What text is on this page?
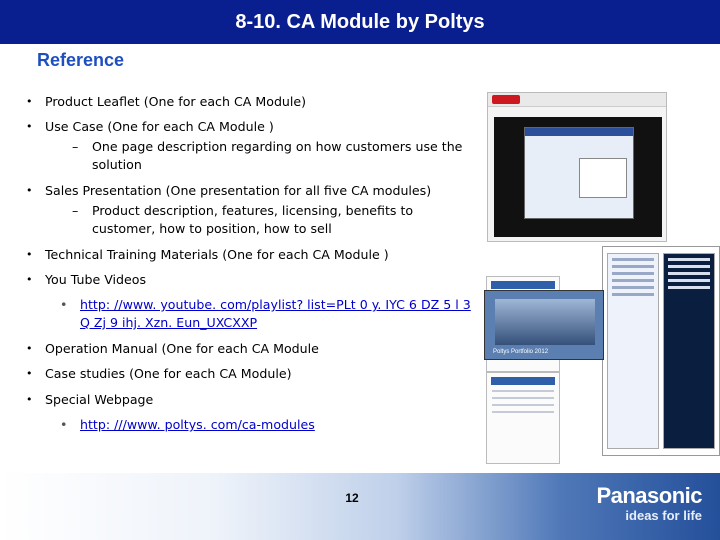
8-10. CA Module by Poltys
Reference
• Product Leaflet (One for each CA Module)
• Use Case (One for each CA Module )
–	One page description regarding on how customers use the solution
• Sales Presentation (One presentation for all five CA modules)
–	Product description, features, licensing, benefits to customer, how to position, how to sell
• Technical Training Materials (One for each CA Module )
• You Tube Videos
• http: //www. youtube. com/playlist? list=PLt 0 y. IYC 6 DZ 5 l 3 Q Zj 9 ihj. Xzn. Eun_UXCXXP
• Operation Manual (One for each CA Module
• Case studies (One for each CA Module)
• Special Webpage
• http: ///www. poltys. com/ca-modules
Poltys Portfolio 2012
12	Panasonic
ideas for life
